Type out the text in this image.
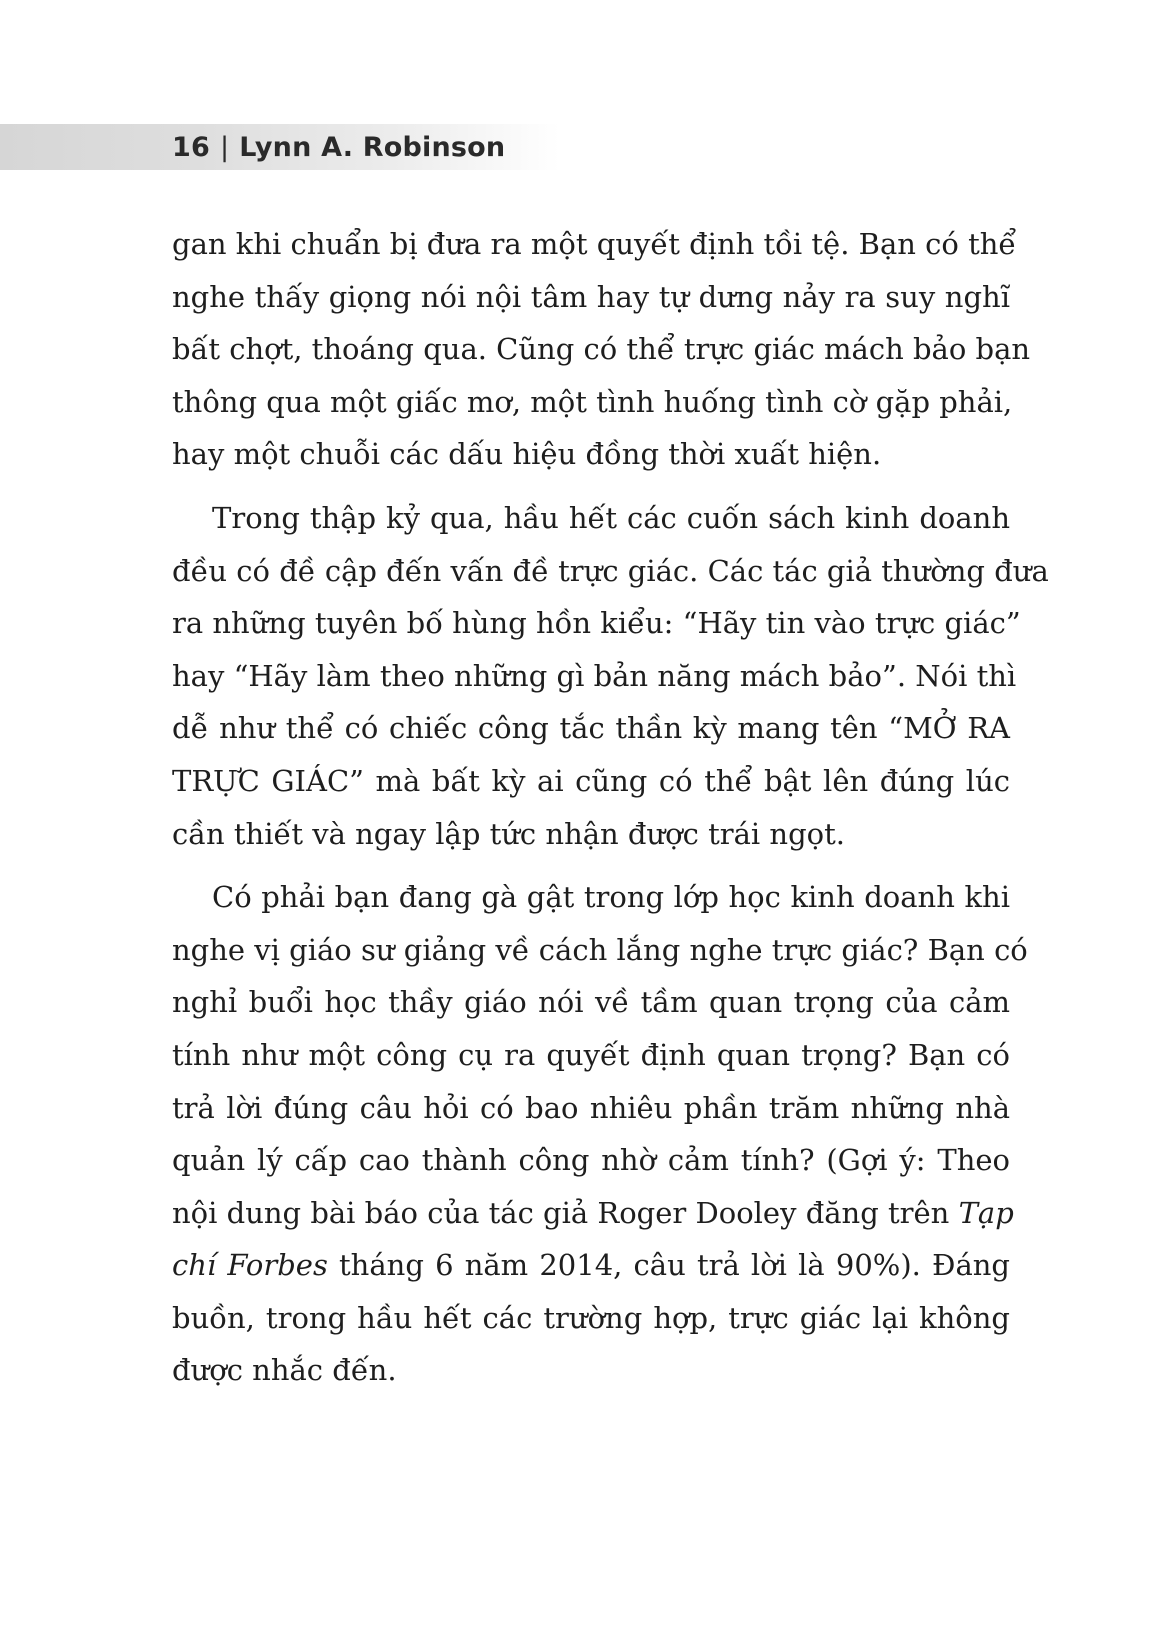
16 | Lynn A. Robinson
gan khi chuẩn bị đưa ra một quyết định tồi tệ. Bạn có thể
nghe thấy giọng nói nội tâm hay tự dưng nảy ra suy nghĩ
bất chợt, thoáng qua. Cũng có thể trực giác mách bảo bạn
thông qua một giấc mơ, một tình huống tình cờ gặp phải,
hay một chuỗi các dấu hiệu đồng thời xuất hiện.
Trong thập kỷ qua, hầu hết các cuốn sách kinh doanh
đều có đề cập đến vấn đề trực giác. Các tác giả thường đưa
ra những tuyên bố hùng hồn kiểu: “Hãy tin vào trực giác”
hay “Hãy làm theo những gì bản năng mách bảo”. Nói thì
dễ như thể có chiếc công tắc thần kỳ mang tên “MỞ RA
TRỰC GIÁC” mà bất kỳ ai cũng có thể bật lên đúng lúc
cần thiết và ngay lập tức nhận được trái ngọt.
Có phải bạn đang gà gật trong lớp học kinh doanh khi
nghe vị giáo sư giảng về cách lắng nghe trực giác? Bạn có
nghỉ buổi học thầy giáo nói về tầm quan trọng của cảm
tính như một công cụ ra quyết định quan trọng? Bạn có
trả lời đúng câu hỏi có bao nhiêu phần trăm những nhà
quản lý cấp cao thành công nhờ cảm tính? (Gợi ý: Theo
nội dung bài báo của tác giả Roger Dooley đăng trên Tạp
chí Forbes tháng 6 năm 2014, câu trả lời là 90%). Đáng
buồn, trong hầu hết các trường hợp, trực giác lại không
được nhắc đến.
